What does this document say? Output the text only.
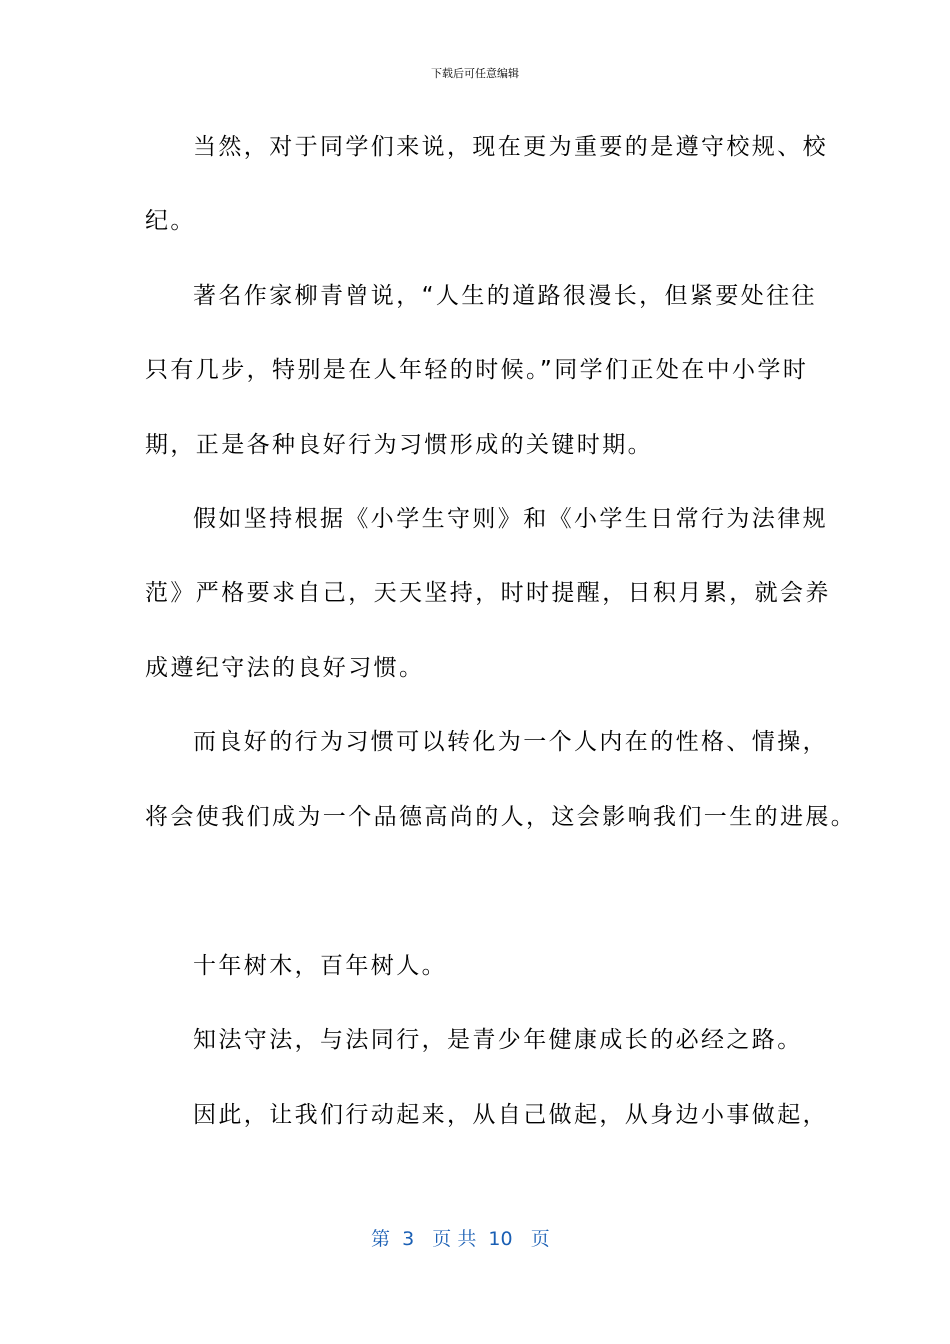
下载后可任意编辑
当然，对于同学们来说，现在更为重要的是遵守校规、校
纪。
著名作家柳青曾说，“人生的道路很漫长，但紧要处往往
只有几步，特别是在人年轻的时候。”同学们正处在中小学时
期，正是各种良好行为习惯形成的关键时期。
假如坚持根据《小学生守则》和《小学生日常行为法律规
范》严格要求自己，天天坚持，时时提醒，日积月累，就会养
成遵纪守法的良好习惯。
而良好的行为习惯可以转化为一个人内在的性格、情操，
将会使我们成为一个品德高尚的人，这会影响我们一生的进展。
十年树木，百年树人。
知法守法，与法同行，是青少年健康成长的必经之路。
因此，让我们行动起来，从自己做起，从身边小事做起，
第  3   页 共  10   页
